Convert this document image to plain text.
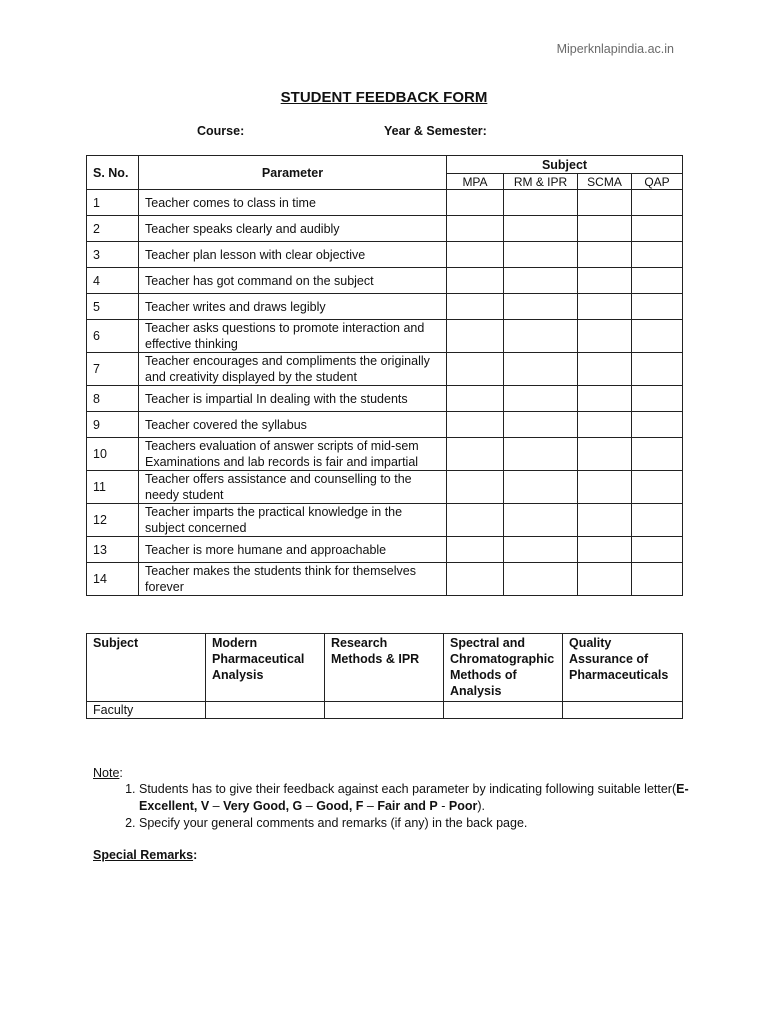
Miperknlapindia.ac.in
STUDENT FEEDBACK FORM
Course:	Year & Semester:
S. No.	Parameter	Subject			
		MPA	RM & IPR	SCMA	QAP
1	Teacher comes to class in time				
2	Teacher speaks clearly and audibly				
3	Teacher plan lesson with clear objective				
4	Teacher has got command on the subject				
5	Teacher writes and draws legibly				
6	Teacher asks questions to promote interaction and effective thinking				
7	Teacher encourages and compliments the originally and creativity displayed by the student				
8	Teacher is impartial In dealing with the students				
9	Teacher covered the syllabus				
10	Teachers evaluation of answer scripts of mid-sem Examinations and lab records is fair and impartial				
11	Teacher offers assistance and counselling to the needy student				
12	Teacher imparts the practical knowledge in the subject concerned				
13	Teacher is more humane and approachable				
14	Teacher makes the students think for themselves forever				
Subject	Modern Pharmaceutical Analysis	Research Methods & IPR	Spectral and Chromatographic Methods of Analysis	Quality Assurance of Pharmaceuticals
Faculty				
Note:
1. Students has to give their feedback against each parameter by indicating following suitable letter(E- Excellent, V – Very Good, G – Good, F – Fair and P - Poor).
2. Specify your general comments and remarks (if any) in the back page.
Special Remarks:
